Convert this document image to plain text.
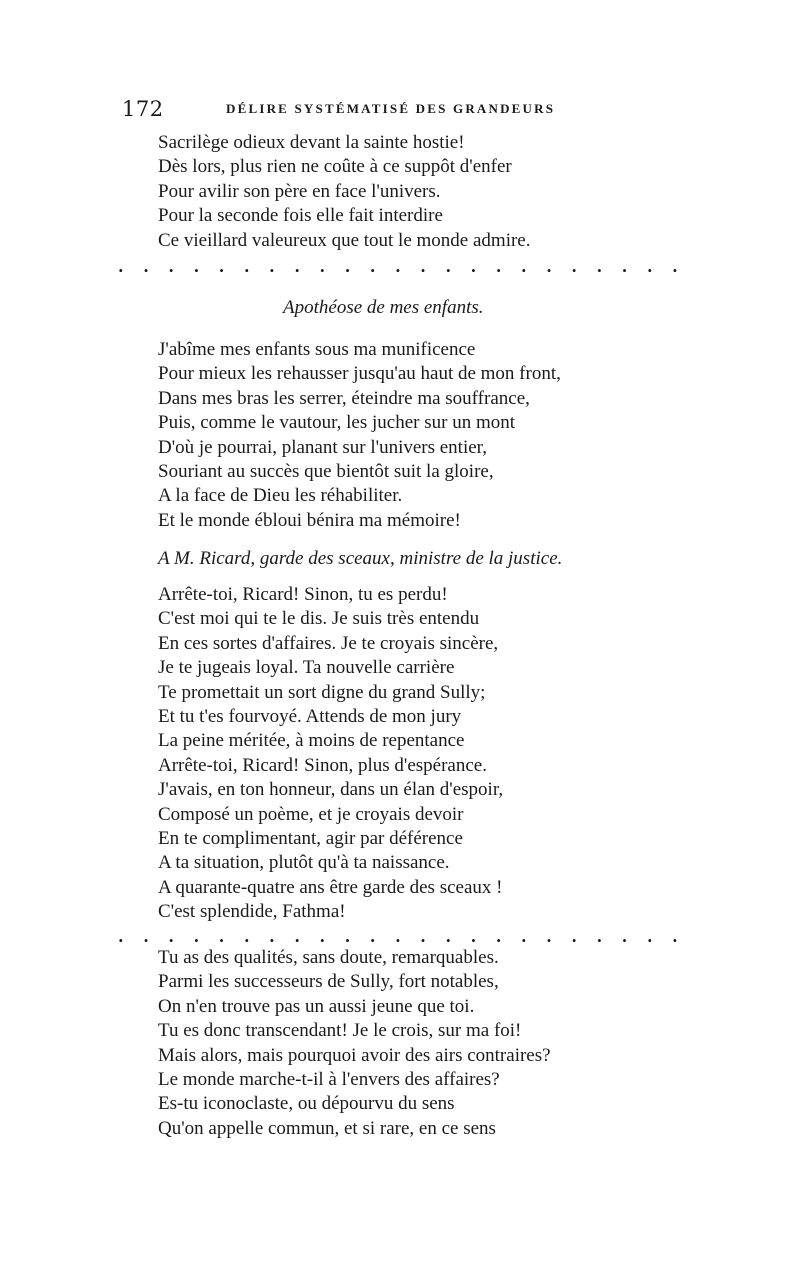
172	DÉLIRE SYSTÉMATISÉ DES GRANDEURS
Sacrilège odieux devant la sainte hostie!
Dès lors, plus rien ne coûte à ce suppôt d'enfer
Pour avilir son père en face l'univers.
Pour la seconde fois elle fait interdire
Ce vieillard valeureux que tout le monde admire.
. . . . . . . . . . . . . . . . . . . . . . .
Apothéose de mes enfants.
J'abîme mes enfants sous ma munificence
Pour mieux les rehausser jusqu'au haut de mon front,
Dans mes bras les serrer, éteindre ma souffrance,
Puis, comme le vautour, les jucher sur un mont
D'où je pourrai, planant sur l'univers entier,
Souriant au succès que bientôt suit la gloire,
A la face de Dieu les réhabiliter.
Et le monde ébloui bénira ma mémoire!
A M. Ricard, garde des sceaux, ministre de la justice.
Arrête-toi, Ricard! Sinon, tu es perdu!
C'est moi qui te le dis. Je suis très entendu
En ces sortes d'affaires. Je te croyais sincère,
Je te jugeais loyal. Ta nouvelle carrière
Te promettait un sort digne du grand Sully;
Et tu t'es fourvoyé. Attends de mon jury
La peine méritée, à moins de repentance
Arrête-toi, Ricard! Sinon, plus d'espérance.
J'avais, en ton honneur, dans un élan d'espoir,
Composé un poème, et je croyais devoir
En te complimentant, agir par déférence
A ta situation, plutôt qu'à ta naissance.
A quarante-quatre ans être garde des sceaux !
C'est splendide, Fathma!
. . . . . . . . . . . . . . . . . . . . . . .
Tu as des qualités, sans doute, remarquables.
Parmi les successeurs de Sully, fort notables,
On n'en trouve pas un aussi jeune que toi.
Tu es donc transcendant! Je le crois, sur ma foi!
Mais alors, mais pourquoi avoir des airs contraires?
Le monde marche-t-il à l'envers des affaires?
Es-tu iconoclaste, ou dépourvu du sens
Qu'on appelle commun, et si rare, en ce sens
